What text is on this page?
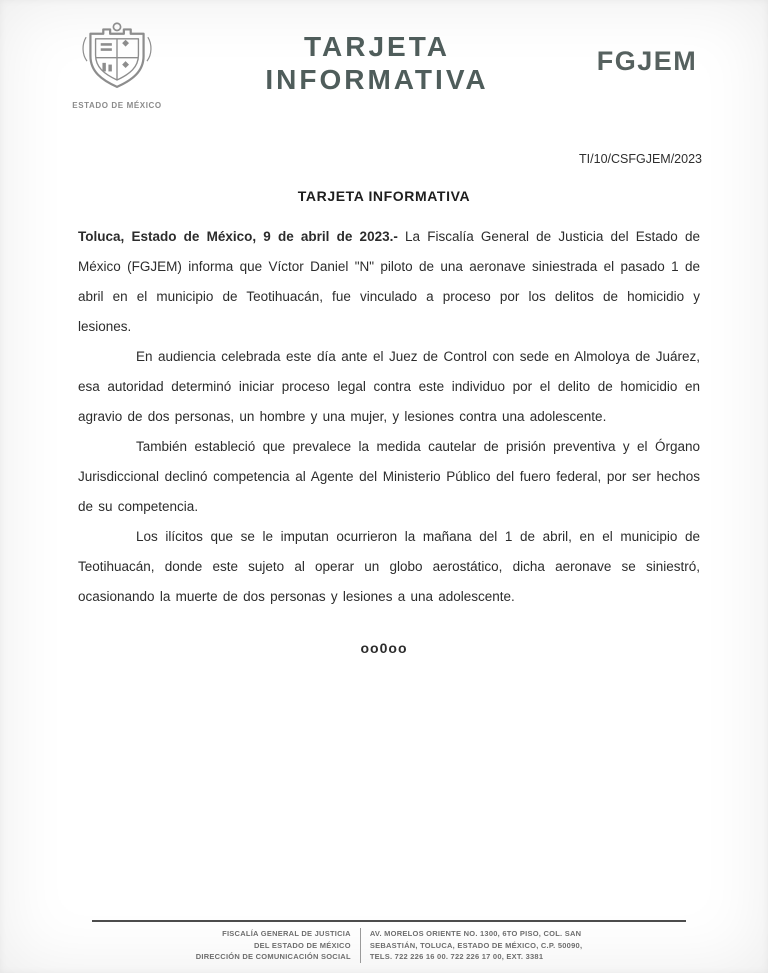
ESTADO DE MÉXICO
TARJETA
INFORMATIVA
FGJEM
TI/10/CSFGJEM/2023
TARJETA INFORMATIVA

Toluca, Estado de México, 9 de abril de 2023.- La Fiscalía General de Justicia del Estado de México (FGJEM) informa que Víctor Daniel "N" piloto de una aeronave siniestrada el pasado 1 de abril en el municipio de Teotihuacán, fue vinculado a proceso por los delitos de homicidio y lesiones.

En audiencia celebrada este día ante el Juez de Control con sede en Almoloya de Juárez, esa autoridad determinó iniciar proceso legal contra este individuo por el delito de homicidio en agravio de dos personas, un hombre y una mujer, y lesiones contra una adolescente.

También estableció que prevalece la medida cautelar de prisión preventiva y el Órgano Jurisdiccional declinó competencia al Agente del Ministerio Público del fuero federal, por ser hechos de su competencia.

Los ilícitos que se le imputan ocurrieron la mañana del 1 de abril, en el municipio de Teotihuacán, donde este sujeto al operar un globo aerostático, dicha aeronave se siniestró, ocasionando la muerte de dos personas y lesiones a una adolescente.

oo0oo
FISCALÍA GENERAL DE JUSTICIA
DEL ESTADO DE MÉXICO
DIRECCIÓN DE COMUNICACIÓN SOCIAL
AV. MORELOS ORIENTE NO. 1300, 6TO PISO, COL. SAN
SEBASTIÁN, TOLUCA, ESTADO DE MÉXICO, C.P. 50090,
TELS. 722 226 16 00. 722 226 17 00, EXT. 3381
